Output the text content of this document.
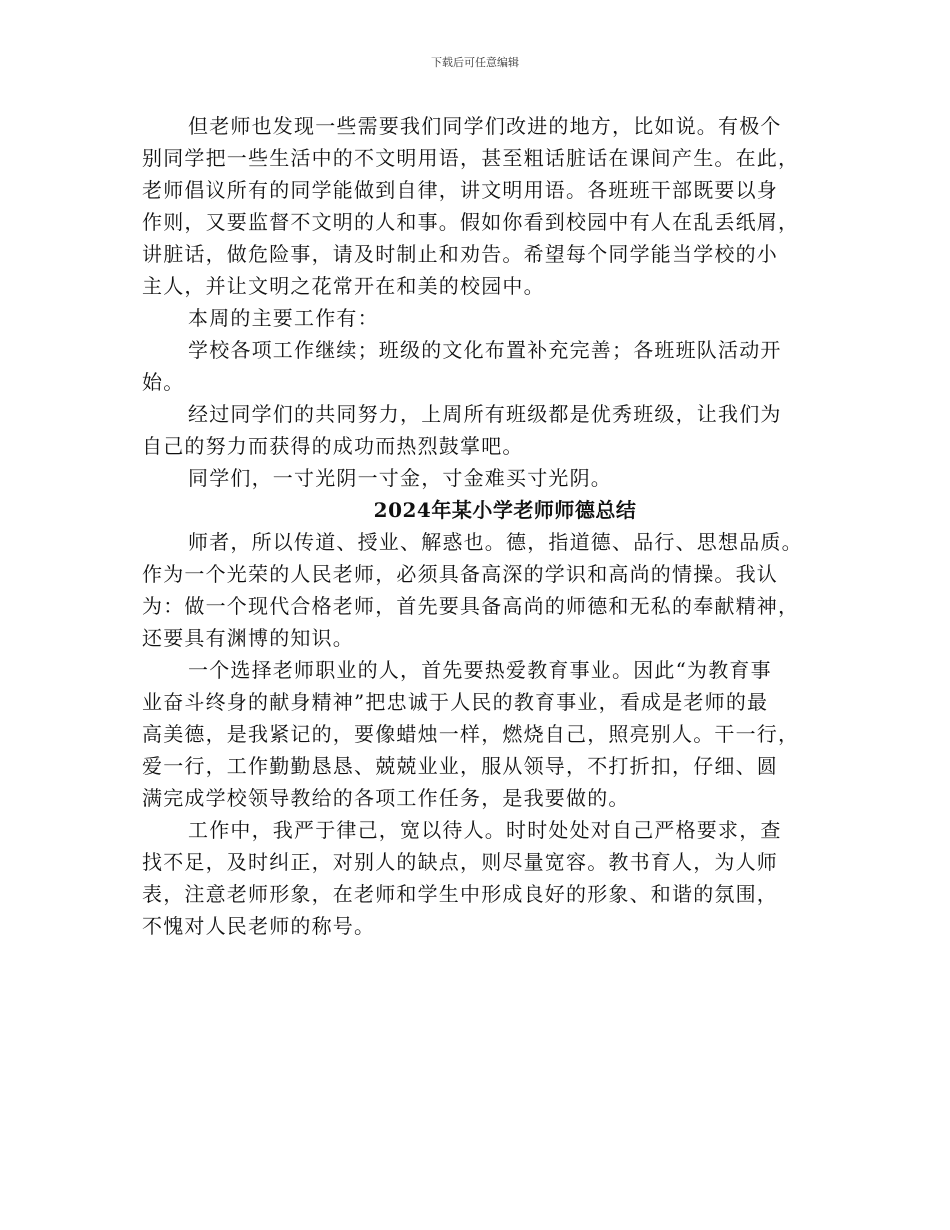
下载后可任意编辑

但老师也发现一些需要我们同学们改进的地方，比如说。有极个

别同学把一些生活中的不文明用语，甚至粗话脏话在课间产生。在此，

老师倡议所有的同学能做到自律，讲文明用语。各班班干部既要以身

作则，又要监督不文明的人和事。假如你看到校园中有人在乱丢纸屑，

讲脏话，做危险事，请及时制止和劝告。希望每个同学能当学校的小

主人，并让文明之花常开在和美的校园中。

本周的主要工作有：

学校各项工作继续；班级的文化布置补充完善；各班班队活动开

始。

经过同学们的共同努力，上周所有班级都是优秀班级，让我们为

自己的努力而获得的成功而热烈鼓掌吧。

同学们，一寸光阴一寸金，寸金难买寸光阴。

2024年某小学老师师德总结

师者，所以传道、授业、解惑也。德，指道德、品行、思想品质。

作为一个光荣的人民老师，必须具备高深的学识和高尚的情操。我认

为：做一个现代合格老师，首先要具备高尚的师德和无私的奉献精神，

还要具有渊博的知识。

一个选择老师职业的人，首先要热爱教育事业。因此“为教育事

业奋斗终身的献身精神”把忠诚于人民的教育事业，看成是老师的最

高美德，是我紧记的，要像蜡烛一样，燃烧自己，照亮别人。干一行，

爱一行，工作勤勤恳恳、兢兢业业，服从领导，不打折扣，仔细、圆

满完成学校领导教给的各项工作任务，是我要做的。

工作中，我严于律己，宽以待人。时时处处对自己严格要求，查

找不足，及时纠正，对别人的缺点，则尽量宽容。教书育人，为人师

表，注意老师形象，在老师和学生中形成良好的形象、和谐的氛围，

不愧对人民老师的称号。
